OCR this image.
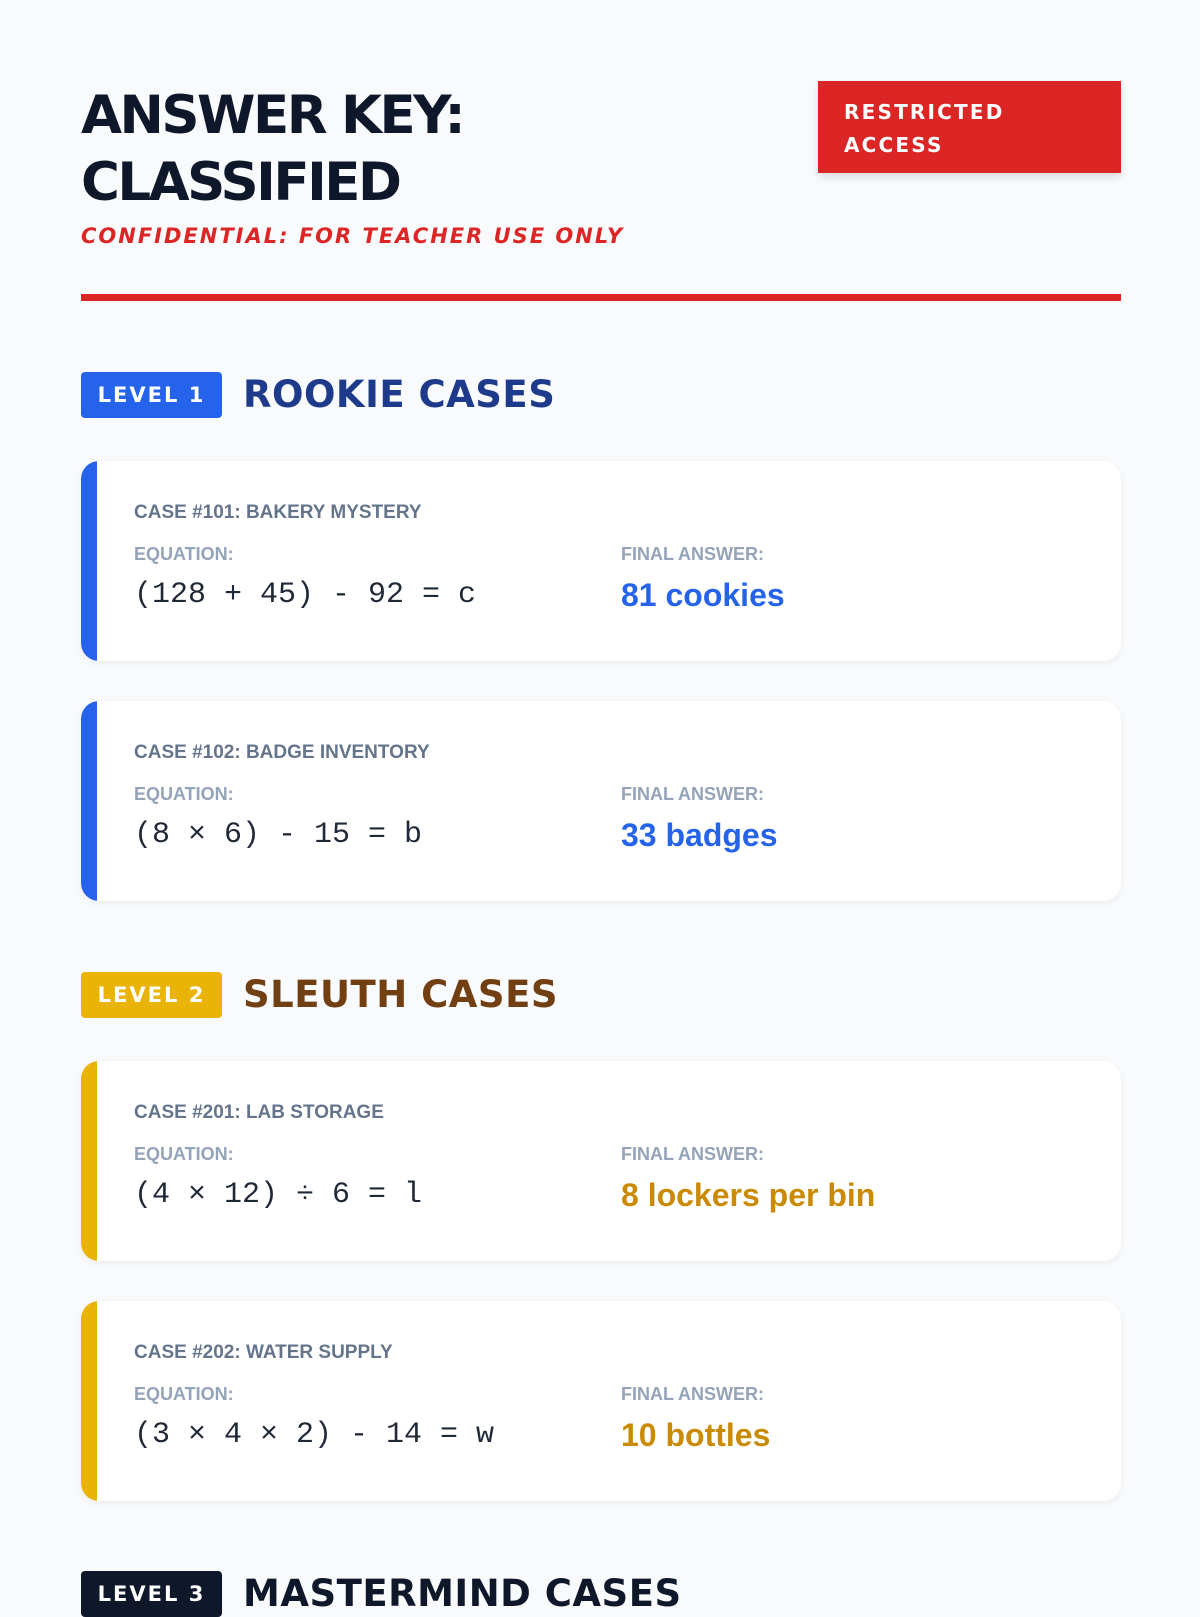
ANSWER KEY:
CLASSIFIED
CONFIDENTIAL: FOR TEACHER USE ONLY
RESTRICTED
ACCESS
LEVEL 1	ROOKIE CASES
CASE #101: BAKERY MYSTERY
EQUATION:	FINAL ANSWER:
(128 + 45) - 92 = c	81 cookies
CASE #102: BADGE INVENTORY
EQUATION:	FINAL ANSWER:
(8 × 6) - 15 = b	33 badges
LEVEL 2	SLEUTH CASES
CASE #201: LAB STORAGE
EQUATION:	FINAL ANSWER:
(4 × 12) ÷ 6 = l	8 lockers per bin
CASE #202: WATER SUPPLY
EQUATION:	FINAL ANSWER:
(3 × 4 × 2) - 14 = w	10 bottles
LEVEL 3	MASTERMIND CASES
